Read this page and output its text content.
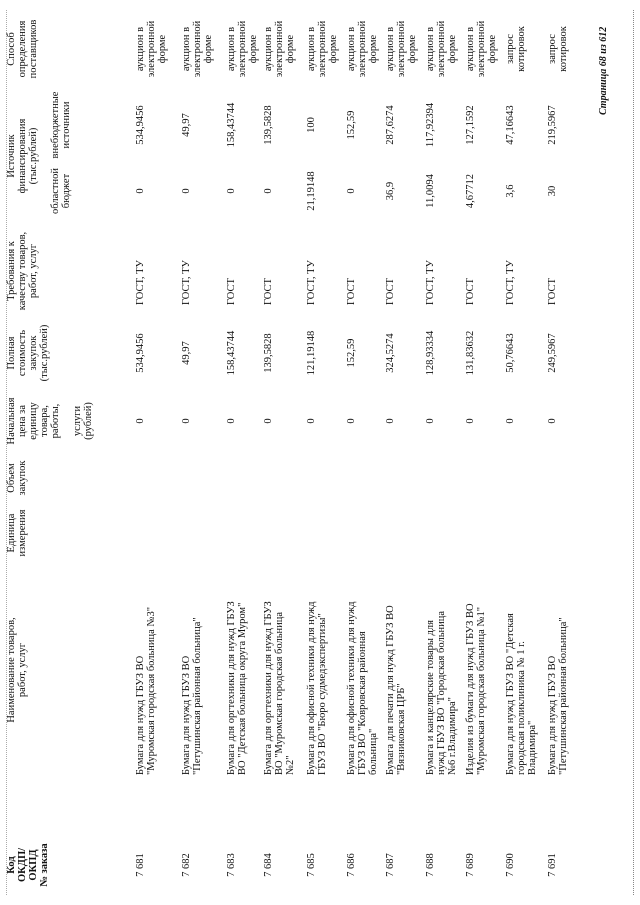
Код ОКДП/ ОКПД № заказа
Наименование товаров, работ, услуг
Единица измерения
Объем закупок
Начальная цена за единицу товара, работы, услуги (рублей)
Полная стоимость закупок (тыс.рублей)
Требования к качеству товаров, работ, услуг
Источник финансирования (тыс.рублей)
областной бюджет
внебюджетные источники
Способ определения поставщиков
7 681
Бумага для нужд ГБУЗ ВО "Муромская городская больница №3"
0
534,9456
ГОСТ, ТУ
0
534,9456
аукцион в электронной форме
7 682
Бумага для нужд ГБУЗ ВО "Петушинская районная больница"
0
49,97
ГОСТ, ТУ
0
49,97
аукцион в электронной форме
7 683
Бумага для оргтехники для нужд ГБУЗ ВО "Детская больница округа Муром"
0
158,43744
ГОСТ
0
158,43744
аукцион в электронной форме
7 684
Бумага для оргтехники для нужд ГБУЗ ВО "Муромская городская больница №2"
0
139,5828
ГОСТ
0
139,5828
аукцион в электронной форме
7 685
Бумага для офисной техники для нужд ГБУЗ ВО "Бюро судмедэкспертизы"
0
121,19148
ГОСТ, ТУ
21,19148
100
аукцион в электронной форме
7 686
Бумага для офисной техники для нужд ГБУЗ ВО "Ковровская районная больница"
0
152,59
ГОСТ
0
152,59
аукцион в электронной форме
7 687
Бумага для печати для нужд ГБУЗ ВО "Вязниковская ЦРБ"
0
324,5274
ГОСТ
36,9
287,6274
аукцион в электронной форме
7 688
Бумага и канцелярские товары для нужд ГБУЗ ВО "Городская больница №6 г.Владимира"
0
128,93334
ГОСТ, ТУ
11,0094
117,92394
аукцион в электронной форме
7 689
Изделия из бумаги для нужд ГБУЗ ВО "Муромская городская больница №1"
0
131,83632
ГОСТ
4,67712
127,1592
аукцион в электронной форме
7 690
Бумага для нужд ГБУЗ ВО "Детская городская поликлиника № 1 г. Владимира"
0
50,76643
ГОСТ, ТУ
3,6
47,16643
запрос котировок
7 691
Бумага для нужд ГБУЗ ВО "Петушинская районная больница"
0
249,5967
ГОСТ
30
219,5967
запрос котировок	Страница 68 из 612
